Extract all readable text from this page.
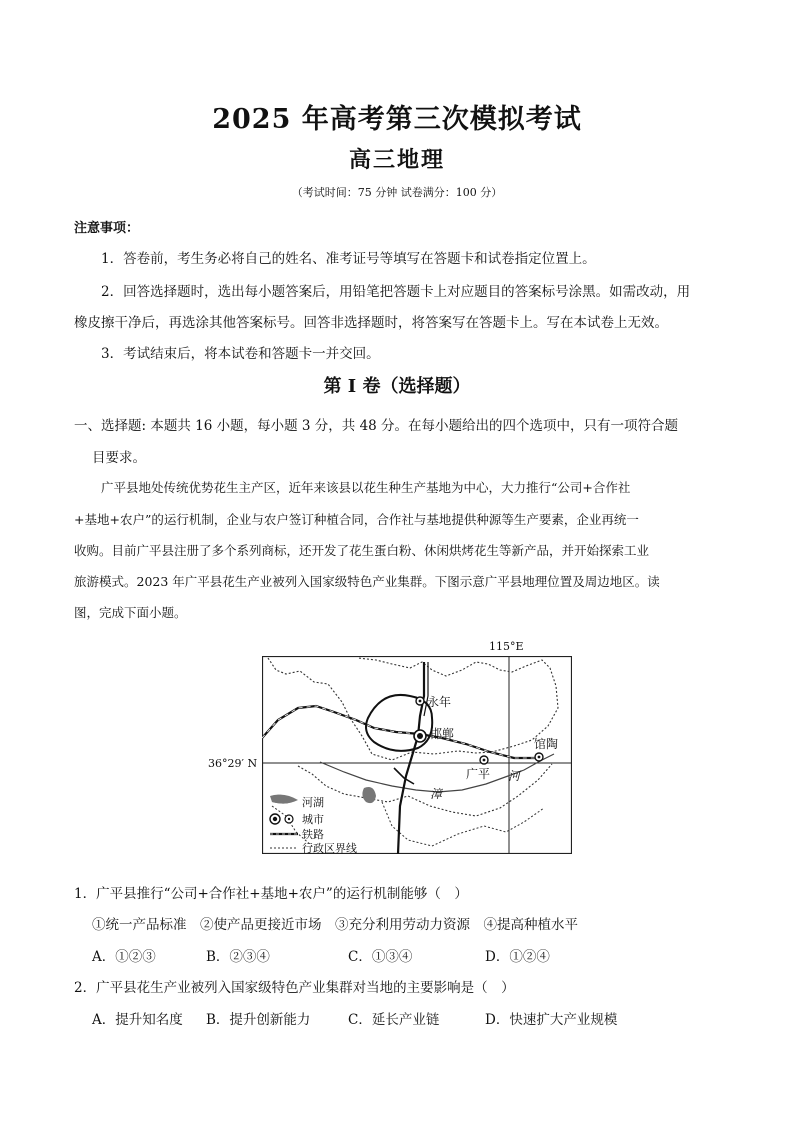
2025 年高考第三次模拟考试
高三地理
（考试时间：75 分钟 试卷满分：100 分）
注意事项：
1．答卷前，考生务必将自己的姓名、准考证号等填写在答题卡和试卷指定位置上。
2．回答选择题时，选出每小题答案后，用铅笔把答题卡上对应题目的答案标号涂黑。如需改动，用
橡皮擦干净后，再选涂其他答案标号。回答非选择题时，将答案写在答题卡上。写在本试卷上无效。
3．考试结束后，将本试卷和答题卡一并交回。
第 I 卷（选择题）
一、选择题: 本题共 16 小题，每小题 3 分，共 48 分。在每小题给出的四个选项中，只有一项符合题
目要求。
广平县地处传统优势花生主产区，近年来该县以花生种生产基地为中心，大力推行“公司+合作社
+基地+农户”的运行机制，企业与农户签订种植合同，合作社与基地提供种源等生产要素，企业再统一
收购。目前广平县注册了多个系列商标，还开发了花生蛋白粉、休闲烘烤花生等新产品，并开始探索工业
旅游模式。2023 年广平县花生产业被列入国家级特色产业集群。下图示意广平县地理位置及周边地区。读
图，完成下面小题。
永年
邯郸
广平
馆陶
漳
河
河湖
城市
铁路
行政区界线
115°E
36°29′ N
1．广平县推行“公司+合作社+基地+农户”的运行机制能够（　）
①统一产品标准　②使产品更接近市场　③充分利用劳动力资源　④提高种植水平
A．①②③	B．②③④	C．①③④	D．①②④
2．广平县花生产业被列入国家级特色产业集群对当地的主要影响是（　）
A．提升知名度 B．提升创新能力	C．延长产业链	D．快速扩大产业规模
